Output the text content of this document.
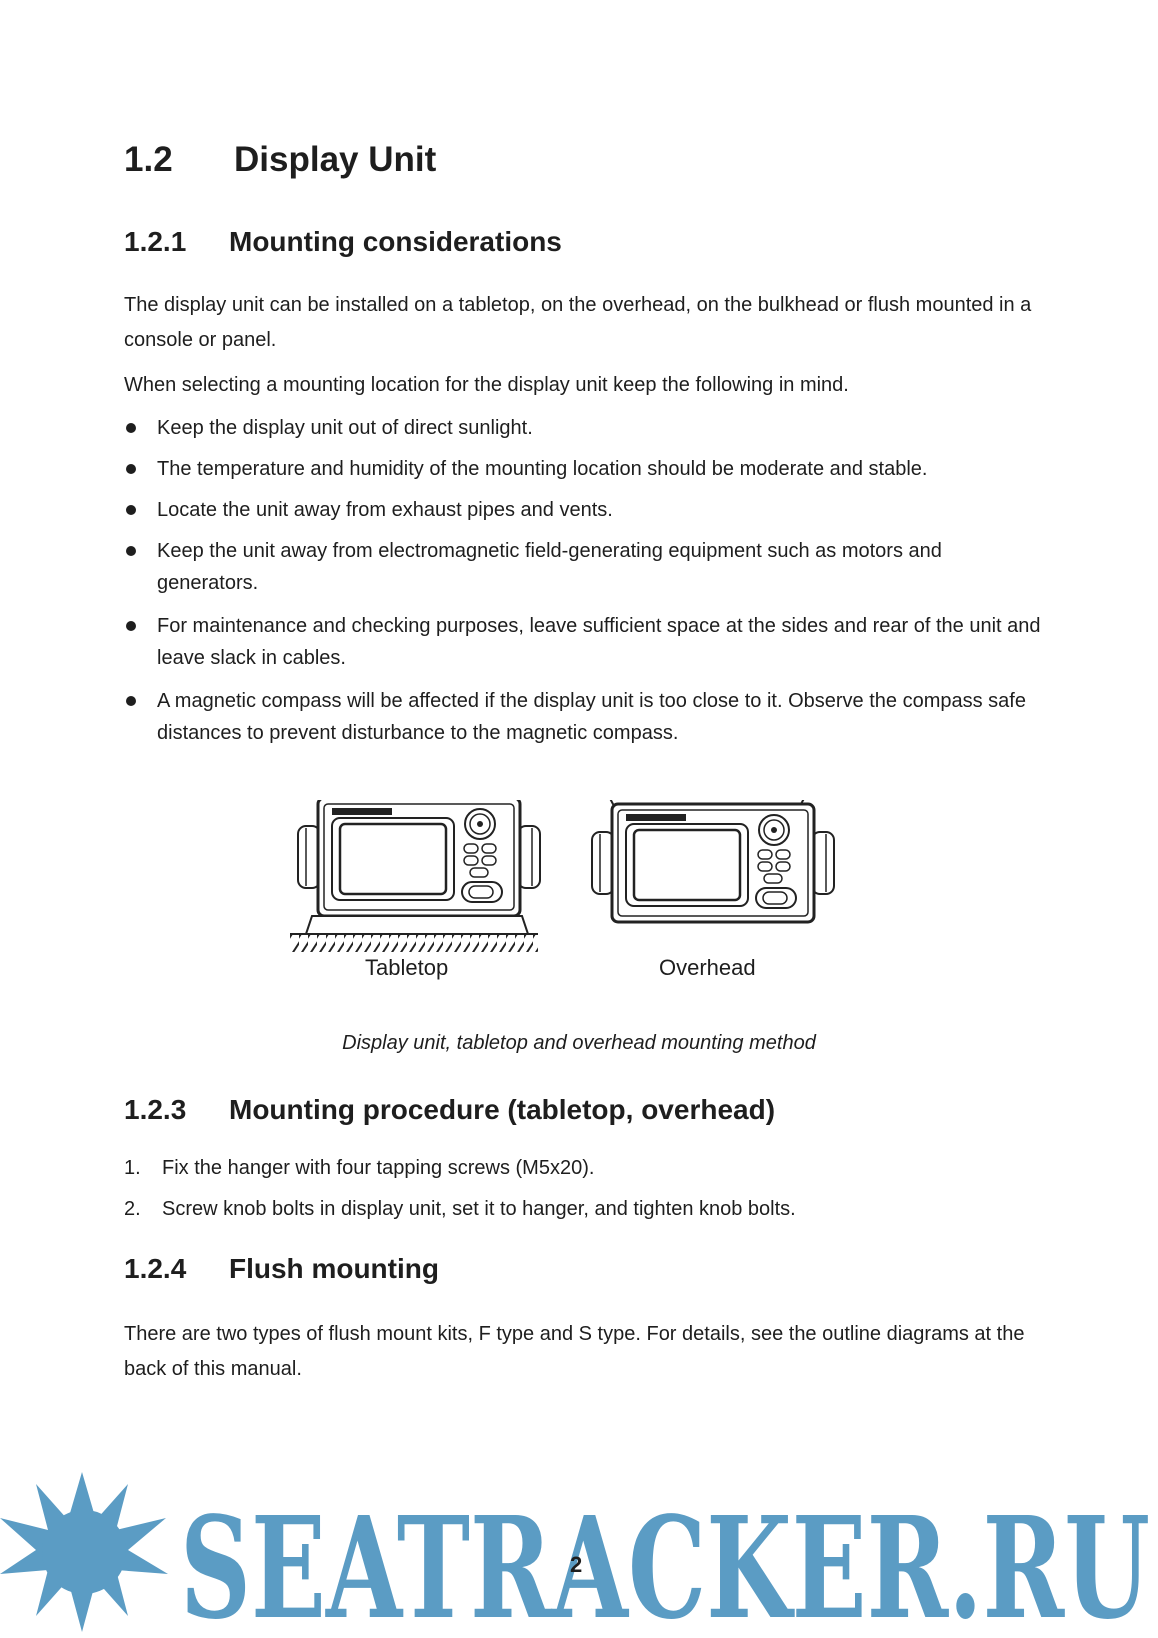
1.2 Display Unit
1.2.1 Mounting considerations
The display unit can be installed on a tabletop, on the overhead, on the bulkhead or flush mounted in a console or panel.
When selecting a mounting location for the display unit keep the following in mind.
Keep the display unit out of direct sunlight.
The temperature and humidity of the mounting location should be moderate and stable.
Locate the unit away from exhaust pipes and vents.
Keep the unit away from electromagnetic field-generating equipment such as motors and generators.
For maintenance and checking purposes, leave sufficient space at the sides and rear of the unit and leave slack in cables.
A magnetic compass will be affected if the display unit is too close to it. Observe the compass safe distances to prevent disturbance to the magnetic compass.
Tabletop	Overhead
Display unit, tabletop and overhead mounting method
1.2.3 Mounting procedure (tabletop, overhead)
1. Fix the hanger with four tapping screws (M5x20).
2. Screw knob bolts in display unit, set it to hanger, and tighten knob bolts.
1.2.4 Flush mounting
There are two types of flush mount kits, F type and S type. For details, see the outline diagrams at the back of this manual.
SEATRACKER.RU
2
